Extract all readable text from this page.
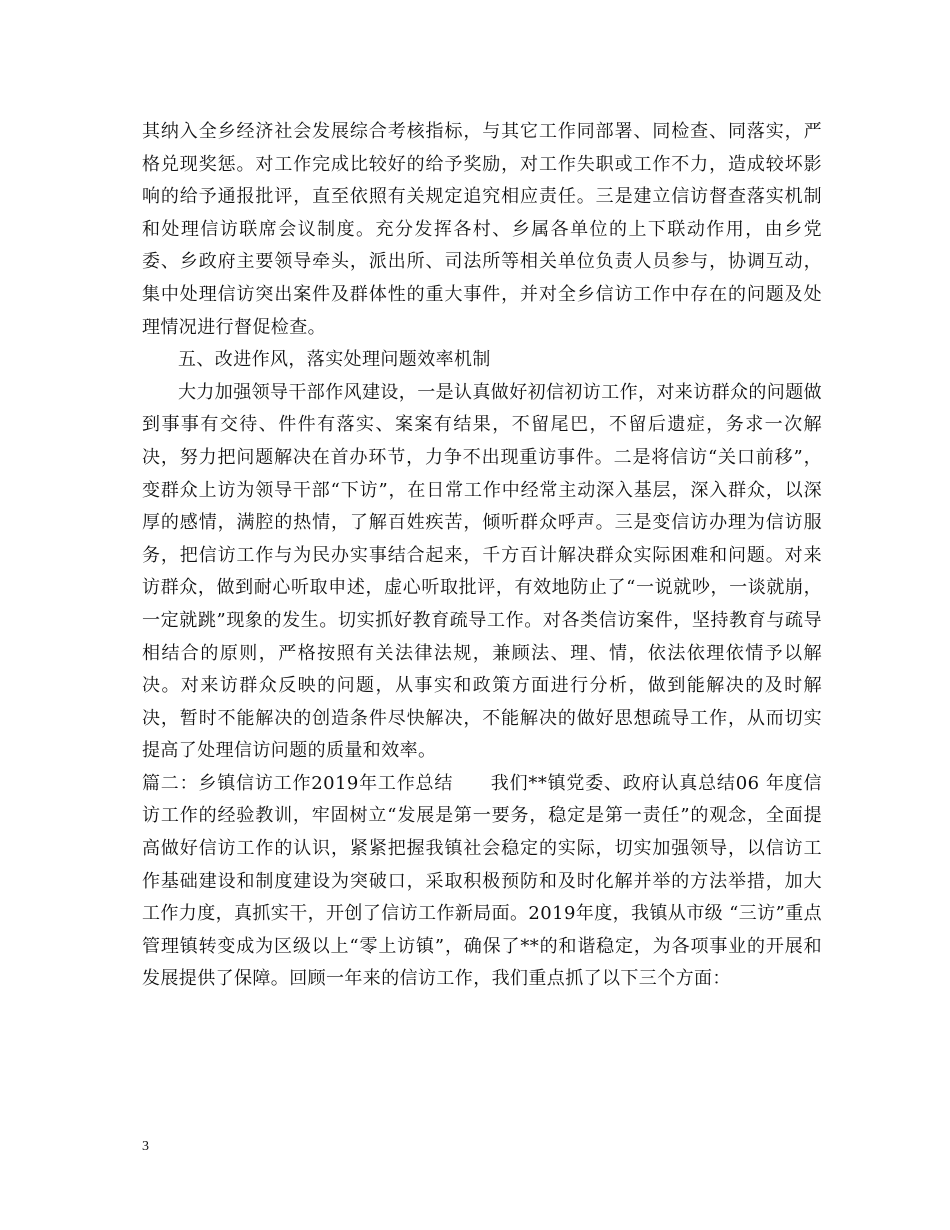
其纳入全乡经济社会发展综合考核指标，与其它工作同部署、同检查、同落实，严格兑现奖惩。对工作完成比较好的给予奖励，对工作失职或工作不力，造成较坏影响的给予通报批评，直至依照有关规定追究相应责任。三是建立信访督查落实机制和处理信访联席会议制度。充分发挥各村、乡属各单位的上下联动作用，由乡党委、乡政府主要领导牵头，派出所、司法所等相关单位负责人员参与，协调互动，集中处理信访突出案件及群体性的重大事件，并对全乡信访工作中存在的问题及处理情况进行督促检查。

五、改进作风，落实处理问题效率机制

大力加强领导干部作风建设，一是认真做好初信初访工作，对来访群众的问题做到事事有交待、件件有落实、案案有结果，不留尾巴，不留后遗症，务求一次解决，努力把问题解决在首办环节，力争不出现重访事件。二是将信访“关口前移”，变群众上访为领导干部“下访”，在日常工作中经常主动深入基层，深入群众，以深厚的感情，满腔的热情，了解百姓疾苦，倾听群众呼声。三是变信访办理为信访服务，把信访工作与为民办实事结合起来，千方百计解决群众实际困难和问题。对来访群众，做到耐心听取申述，虚心听取批评，有效地防止了“一说就吵，一谈就崩，一定就跳”现象的发生。切实抓好教育疏导工作。对各类信访案件，坚持教育与疏导相结合的原则，严格按照有关法律法规，兼顾法、理、情，依法依理依情予以解决。对来访群众反映的问题，从事实和政策方面进行分析，做到能解决的及时解决，暂时不能解决的创造条件尽快解决，不能解决的做好思想疏导工作，从而切实提高了处理信访问题的质量和效率。

篇二：乡镇信访工作2019年工作总结　　我们**镇党委、政府认真总结06 年度信访工作的经验教训，牢固树立“发展是第一要务，稳定是第一责任”的观念，全面提高做好信访工作的认识，紧紧把握我镇社会稳定的实际，切实加强领导，以信访工作基础建设和制度建设为突破口，采取积极预防和及时化解并举的方法举措，加大工作力度，真抓实干，开创了信访工作新局面。2019年度，我镇从市级 “三访”重点管理镇转变成为区级以上“零上访镇”，确保了**的和谐稳定，为各项事业的开展和发展提供了保障。回顾一年来的信访工作，我们重点抓了以下三个方面：

3
